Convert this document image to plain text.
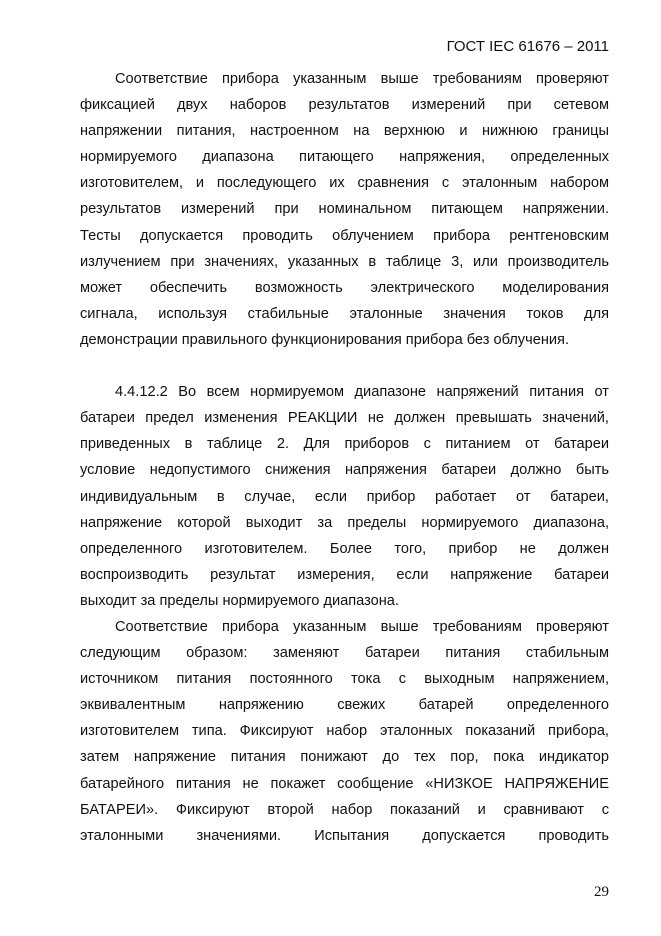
ГОСТ IEC 61676 – 2011
Соответствие прибора указанным выше требованиям проверяют
фиксацией двух наборов результатов измерений при сетевом
напряжении питания, настроенном на верхнюю и нижнюю границы
нормируемого диапазона питающего напряжения, определенных
изготовителем, и последующего их сравнения с эталонным набором
результатов измерений при номинальном питающем напряжении.
Тесты допускается проводить облучением прибора рентгеновским
излучением при значениях, указанных в таблице 3, или производитель
может обеспечить возможность электрического моделирования
сигнала, используя стабильные эталонные значения токов для
демонстрации правильного функционирования прибора без облучения.
4.4.12.2 Во всем нормируемом диапазоне напряжений питания от
батареи предел изменения РЕАКЦИИ не должен превышать значений,
приведенных в таблице 2. Для приборов с питанием от батареи
условие недопустимого снижения напряжения батареи должно быть
индивидуальным в случае, если прибор работает от батареи,
напряжение которой выходит за пределы нормируемого диапазона,
определенного изготовителем. Более того, прибор не должен
воспроизводить результат измерения, если напряжение батареи
выходит за пределы нормируемого диапазона.
Соответствие прибора указанным выше требованиям проверяют
следующим образом: заменяют батареи питания стабильным
источником питания постоянного тока с выходным напряжением,
эквивалентным напряжению свежих батарей определенного
изготовителем типа. Фиксируют набор эталонных показаний прибора,
затем напряжение питания понижают до тех пор, пока индикатор
батарейного питания не покажет сообщение «НИЗКОЕ НАПРЯЖЕНИЕ
БАТАРЕИ». Фиксируют второй набор показаний и сравнивают с
эталонными значениями. Испытания допускается проводить
29
